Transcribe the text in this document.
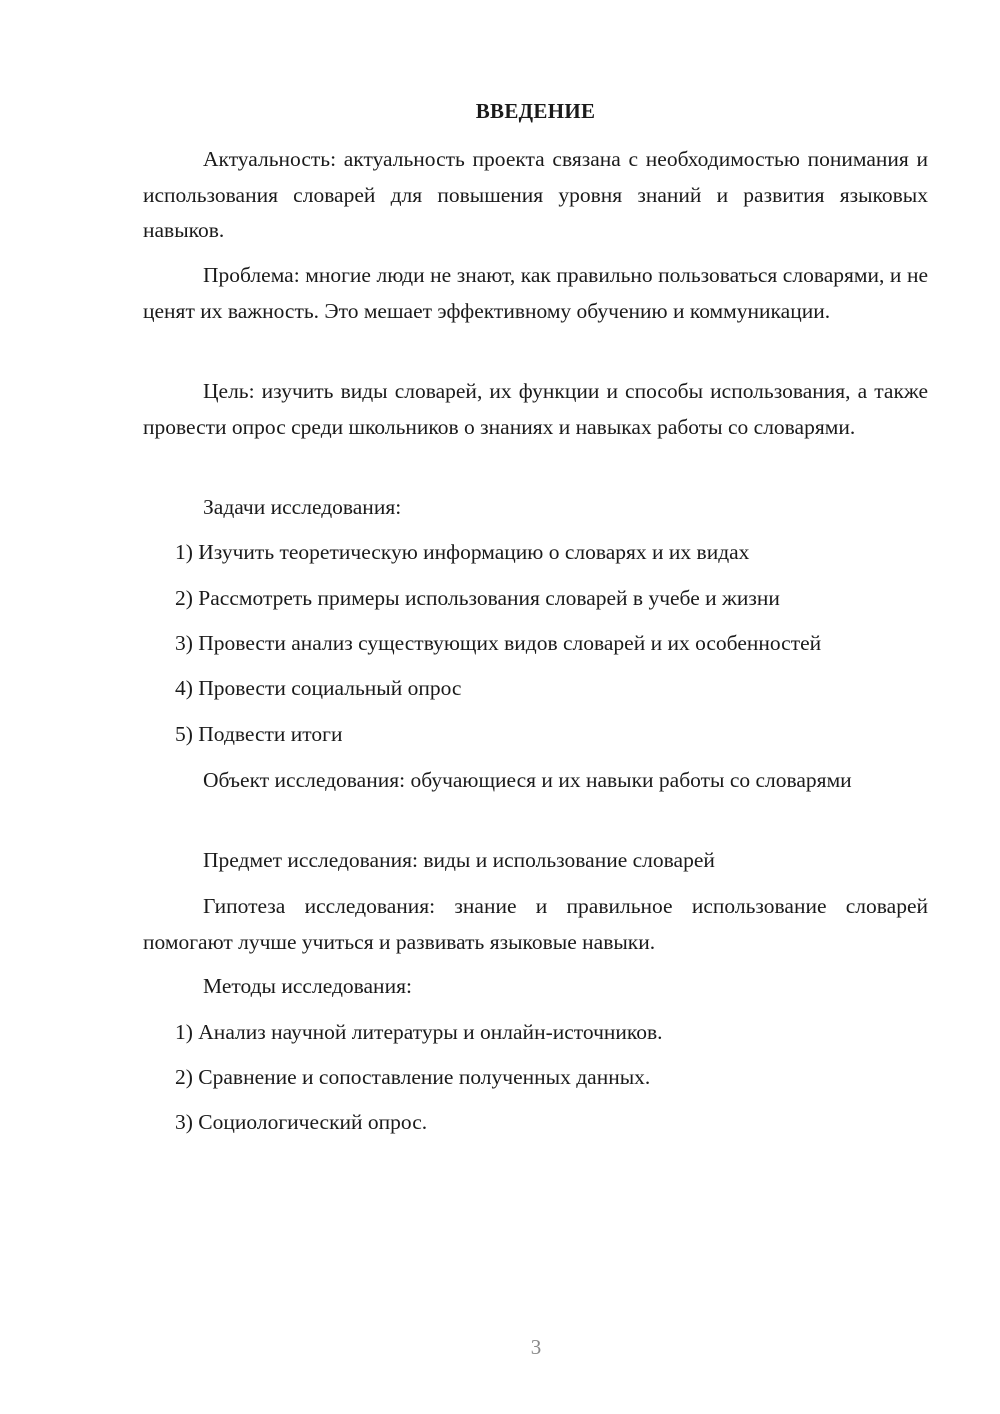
ВВЕДЕНИЕ

Актуальность: актуальность проекта связана с необходимостью понимания и использования словарей для повышения уровня знаний и развития языковых навыков.

Проблема: многие люди не знают, как правильно пользоваться словарями, и не ценят их важность. Это мешает эффективному обучению и коммуникации.

Цель: изучить виды словарей, их функции и способы использования, а также провести опрос среди школьников о знаниях и навыках работы со словарями.

Задачи исследования:

1) Изучить теоретическую информацию о словарях и их видах

2) Рассмотреть примеры использования словарей в учебе и жизни

3) Провести анализ существующих видов словарей и их особенностей

4) Провести социальный опрос

5) Подвести итоги

Объект исследования: обучающиеся и их навыки работы со словарями

Предмет исследования: виды и использование словарей

Гипотеза исследования: знание и правильное использование словарей помогают лучше учиться и развивать языковые навыки.

Методы исследования:

1) Анализ научной литературы и онлайн-источников.

2) Сравнение и сопоставление полученных данных.

3) Социологический опрос.

3
